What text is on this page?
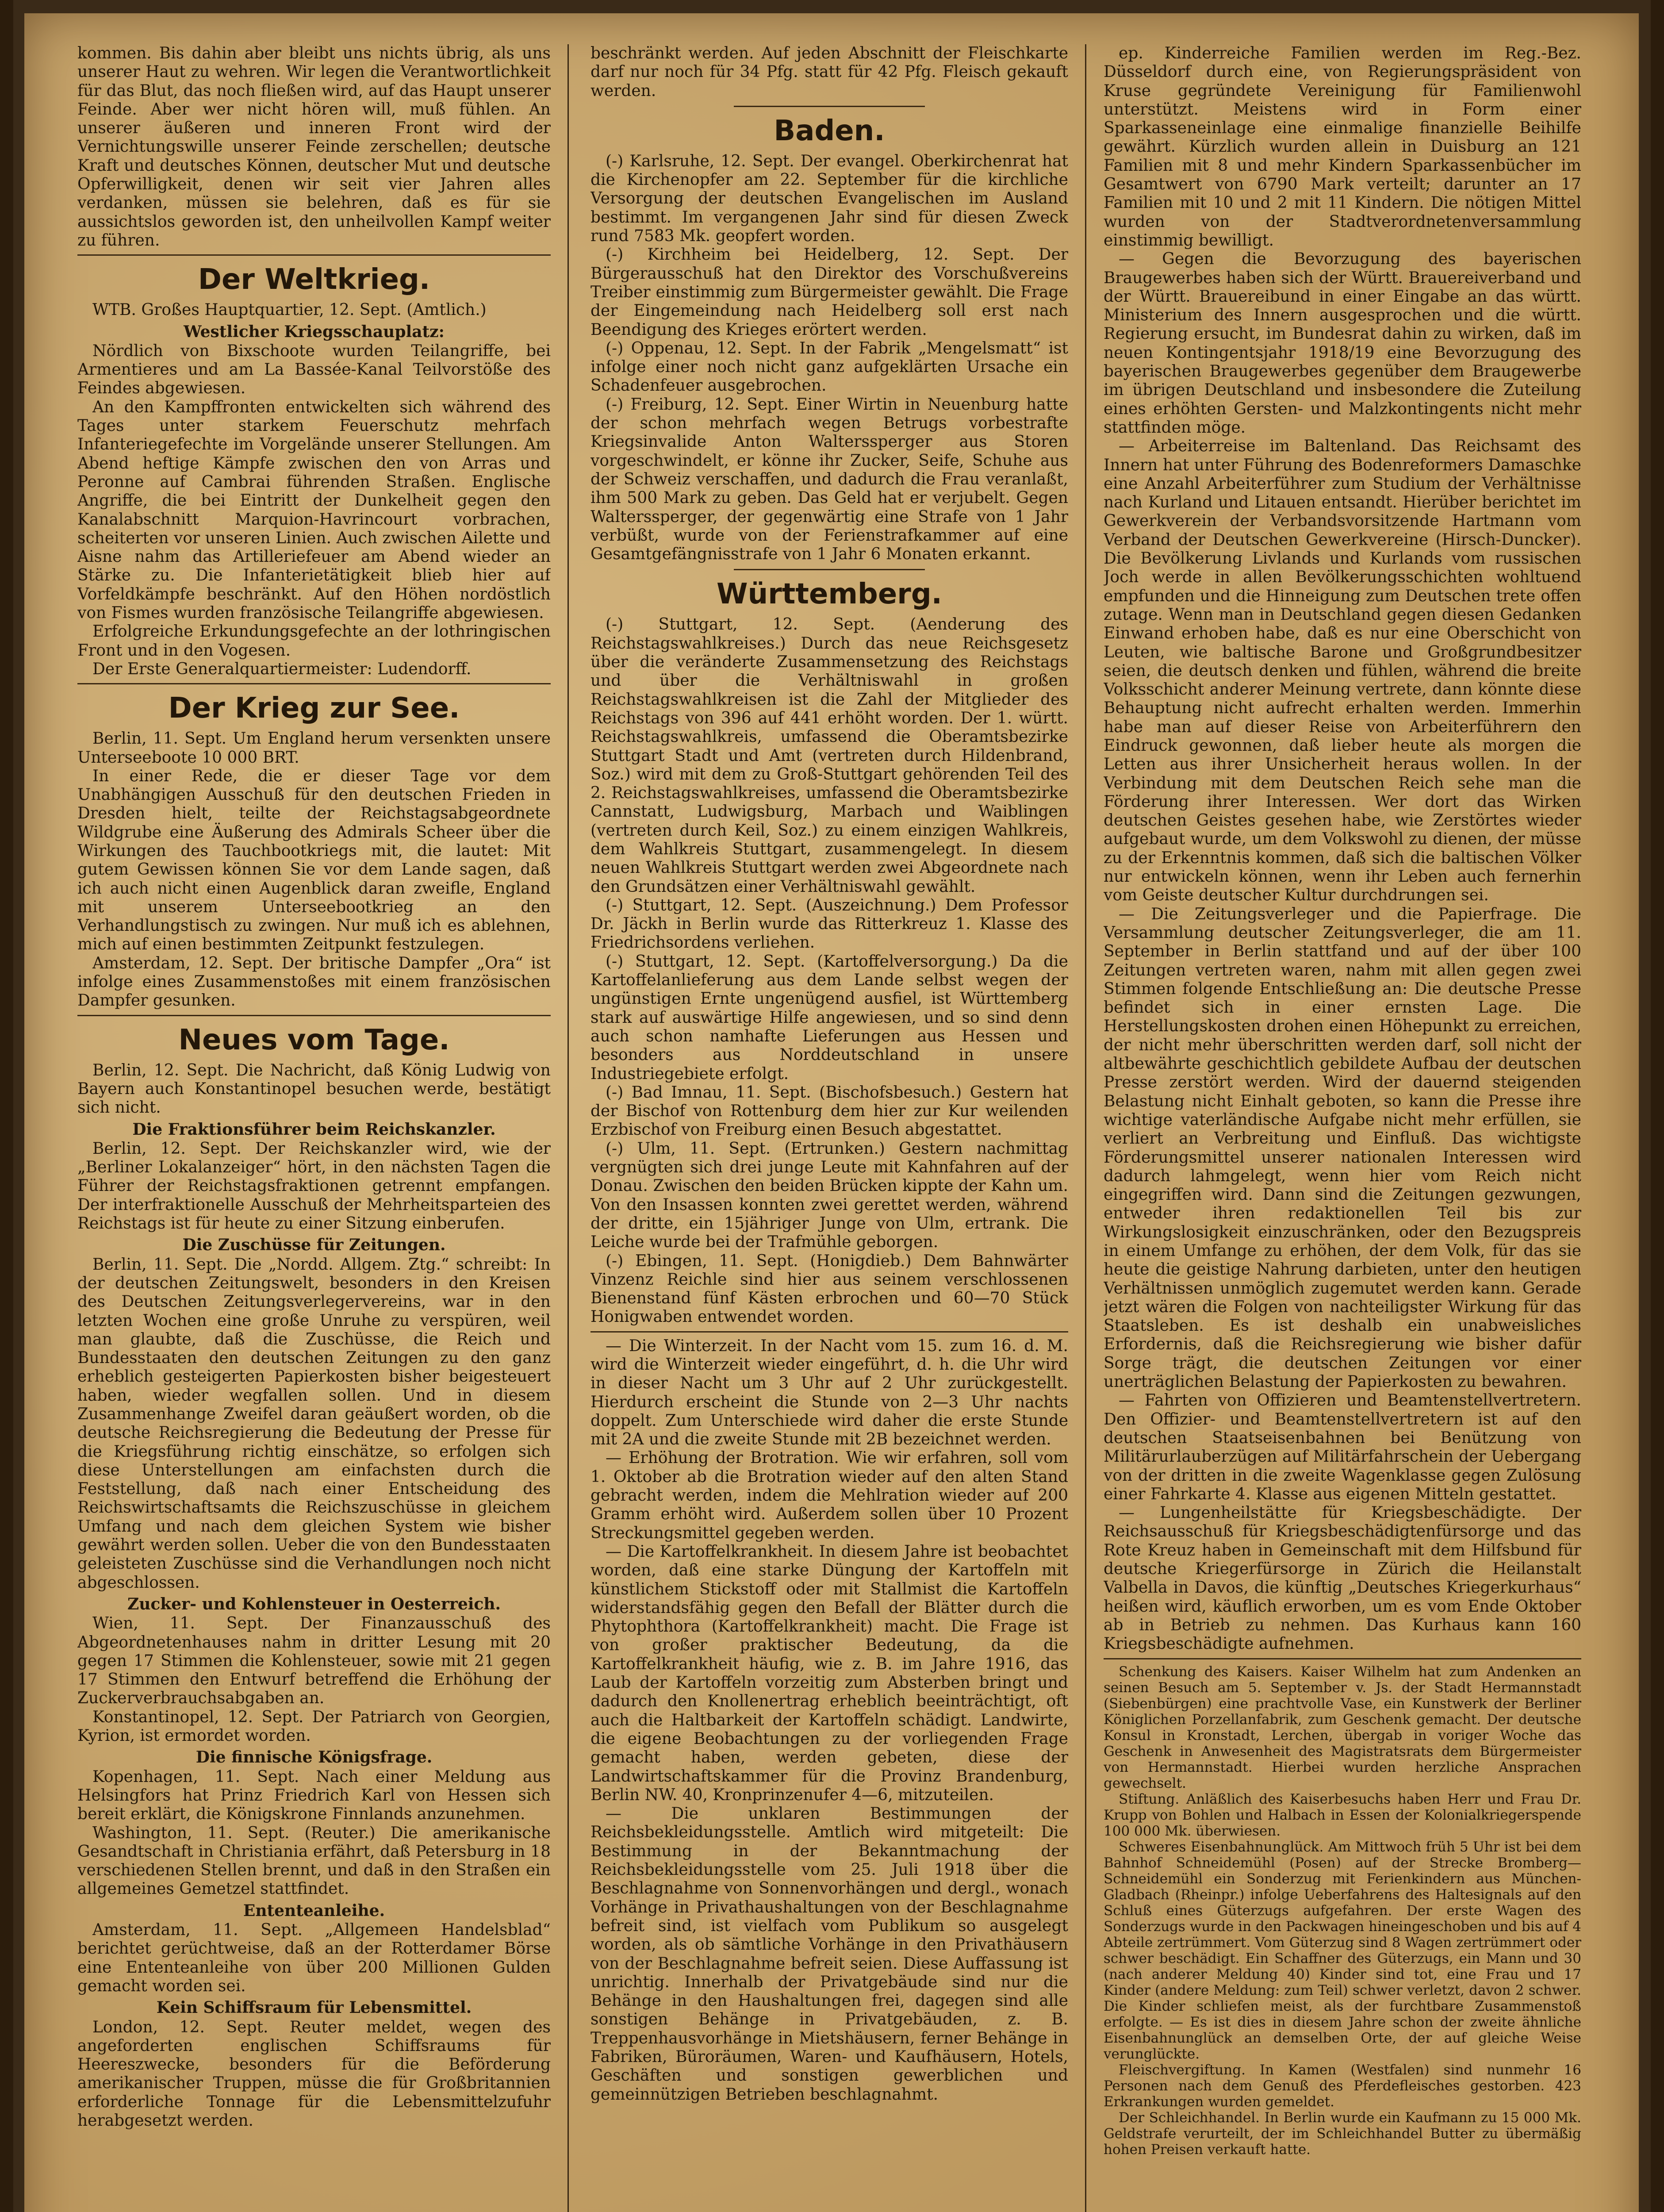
kommen. Bis dahin aber bleibt uns nichts übrig, als uns unserer Haut zu wehren. Wir legen die Verantwortlichkeit für das Blut, das noch fließen wird, auf das Haupt unserer Feinde. Aber wer nicht hören will, muß fühlen. An unserer äußeren und inneren Front wird der Vernichtungswille unserer Feinde zerschellen; deutsche Kraft und deutsches Können, deutscher Mut und deutsche Opferwilligkeit, denen wir seit vier Jahren alles verdanken, müssen sie belehren, daß es für sie aussichtslos geworden ist, den unheilvollen Kampf weiter zu führen.

Der Weltkrieg.

WTB. Großes Hauptquartier, 12. Sept. (Amtlich.)

Westlicher Kriegsschauplatz:

Nördlich von Bixschoote wurden Teilangriffe, bei Armentieres und am La Bassée-Kanal Teilvorstöße des Feindes abgewiesen.

An den Kampffronten entwickelten sich während des Tages unter starkem Feuerschutz mehrfach Infanteriegefechte im Vorgelände unserer Stellungen. Am Abend heftige Kämpfe zwischen den von Arras und Peronne auf Cambrai führenden Straßen. Englische Angriffe, die bei Eintritt der Dunkelheit gegen den Kanalabschnitt Marquion-Havrincourt vorbrachen, scheiterten vor unseren Linien. Auch zwischen Ailette und Aisne nahm das Artilleriefeuer am Abend wieder an Stärke zu. Die Infanterietätigkeit blieb hier auf Vorfeldkämpfe beschränkt. Auf den Höhen nordöstlich von Fismes wurden französische Teilangriffe abgewiesen.

Erfolgreiche Erkundungsgefechte an der lothringischen Front und in den Vogesen.

Der Erste Generalquartiermeister: Ludendorff.

Der Krieg zur See.

Berlin, 11. Sept. Um England herum versenkten unsere Unterseeboote 10 000 BRT.

In einer Rede, die er dieser Tage vor dem Unabhängigen Ausschuß für den deutschen Frieden in Dresden hielt, teilte der Reichstagsabgeordnete Wildgrube eine Äußerung des Admirals Scheer über die Wirkungen des Tauchbootkriegs mit, die lautet: Mit gutem Gewissen können Sie vor dem Lande sagen, daß ich auch nicht einen Augenblick daran zweifle, England mit unserem Unterseebootkrieg an den Verhandlungstisch zu zwingen. Nur muß ich es ablehnen, mich auf einen bestimmten Zeitpunkt festzulegen.

Amsterdam, 12. Sept. Der britische Dampfer „Ora“ ist infolge eines Zusammenstoßes mit einem französischen Dampfer gesunken.

Neues vom Tage.

Berlin, 12. Sept. Die Nachricht, daß König Ludwig von Bayern auch Konstantinopel besuchen werde, bestätigt sich nicht.

Die Fraktionsführer beim Reichskanzler.

Berlin, 12. Sept. Der Reichskanzler wird, wie der „Berliner Lokalanzeiger“ hört, in den nächsten Tagen die Führer der Reichstagsfraktionen getrennt empfangen. Der interfraktionelle Ausschuß der Mehrheitsparteien des Reichstags ist für heute zu einer Sitzung einberufen.

Die Zuschüsse für Zeitungen.

Berlin, 11. Sept. Die „Nordd. Allgem. Ztg.“ schreibt: In der deutschen Zeitungswelt, besonders in den Kreisen des Deutschen Zeitungsverlegervereins, war in den letzten Wochen eine große Unruhe zu verspüren, weil man glaubte, daß die Zuschüsse, die Reich und Bundesstaaten den deutschen Zeitungen zu den ganz erheblich gesteigerten Papierkosten bisher beigesteuert haben, wieder wegfallen sollen. Und in diesem Zusammenhange Zweifel daran geäußert worden, ob die deutsche Reichsregierung die Bedeutung der Presse für die Kriegsführung richtig einschätze, so erfolgen sich diese Unterstellungen am einfachsten durch die Feststellung, daß nach einer Entscheidung des Reichswirtschaftsamts die Reichszuschüsse in gleichem Umfang und nach dem gleichen System wie bisher gewährt werden sollen. Ueber die von den Bundesstaaten geleisteten Zuschüsse sind die Verhandlungen noch nicht abgeschlossen.

Zucker- und Kohlensteuer in Oesterreich.

Wien, 11. Sept. Der Finanzausschuß des Abgeordnetenhauses nahm in dritter Lesung mit 20 gegen 17 Stimmen die Kohlensteuer, sowie mit 21 gegen 17 Stimmen den Entwurf betreffend die Erhöhung der Zuckerverbrauchsabgaben an.

Konstantinopel, 12. Sept. Der Patriarch von Georgien, Kyrion, ist ermordet worden.

Die finnische Königsfrage.

Kopenhagen, 11. Sept. Nach einer Meldung aus Helsingfors hat Prinz Friedrich Karl von Hessen sich bereit erklärt, die Königskrone Finnlands anzunehmen.

Washington, 11. Sept. (Reuter.) Die amerikanische Gesandtschaft in Christiania erfährt, daß Petersburg in 18 verschiedenen Stellen brennt, und daß in den Straßen ein allgemeines Gemetzel stattfindet.

Ententeanleihe.

Amsterdam, 11. Sept. „Allgemeen Handelsblad“ berichtet gerüchtweise, daß an der Rotterdamer Börse eine Ententeanleihe von über 200 Millionen Gulden gemacht worden sei.

Kein Schiffsraum für Lebensmittel.

London, 12. Sept. Reuter meldet, wegen des angeforderten englischen Schiffsraums für Heereszwecke, besonders für die Beförderung amerikanischer Truppen, müsse die für Großbritannien erforderliche Tonnage für die Lebensmittelzufuhr herabgesetzt werden.

beschränkt werden. Auf jeden Abschnitt der Fleischkarte darf nur noch für 34 Pfg. statt für 42 Pfg. Fleisch gekauft werden.

Baden.

(-) Karlsruhe, 12. Sept. Der evangel. Oberkirchenrat hat die Kirchenopfer am 22. September für die kirchliche Versorgung der deutschen Evangelischen im Ausland bestimmt. Im vergangenen Jahr sind für diesen Zweck rund 7583 Mk. geopfert worden.

(-) Kirchheim bei Heidelberg, 12. Sept. Der Bürgerausschuß hat den Direktor des Vorschußvereins Treiber einstimmig zum Bürgermeister gewählt. Die Frage der Eingemeindung nach Heidelberg soll erst nach Beendigung des Krieges erörtert werden.

(-) Oppenau, 12. Sept. In der Fabrik „Mengelsmatt“ ist infolge einer noch nicht ganz aufgeklärten Ursache ein Schadenfeuer ausgebrochen.

(-) Freiburg, 12. Sept. Einer Wirtin in Neuenburg hatte der schon mehrfach wegen Betrugs vorbestrafte Kriegsinvalide Anton Walterssperger aus Storen vorgeschwindelt, er könne ihr Zucker, Seife, Schuhe aus der Schweiz verschaffen, und dadurch die Frau veranlaßt, ihm 500 Mark zu geben. Das Geld hat er verjubelt. Gegen Walterssperger, der gegenwärtig eine Strafe von 1 Jahr verbüßt, wurde von der Ferienstrafkammer auf eine Gesamtgefängnisstrafe von 1 Jahr 6 Monaten erkannt.

Württemberg.

(-) Stuttgart, 12. Sept. (Aenderung des Reichstagswahlkreises.) Durch das neue Reichsgesetz über die veränderte Zusammensetzung des Reichstags und über die Verhältniswahl in großen Reichstagswahlkreisen ist die Zahl der Mitglieder des Reichstags von 396 auf 441 erhöht worden. Der 1. württ. Reichstagswahlkreis, umfassend die Oberamtsbezirke Stuttgart Stadt und Amt (vertreten durch Hildenbrand, Soz.) wird mit dem zu Groß-Stuttgart gehörenden Teil des 2. Reichstagswahlkreises, umfassend die Oberamtsbezirke Cannstatt, Ludwigsburg, Marbach und Waiblingen (vertreten durch Keil, Soz.) zu einem einzigen Wahlkreis, dem Wahlkreis Stuttgart, zusammengelegt. In diesem neuen Wahlkreis Stuttgart werden zwei Abgeordnete nach den Grundsätzen einer Verhältniswahl gewählt.

(-) Stuttgart, 12. Sept. (Auszeichnung.) Dem Professor Dr. Jäckh in Berlin wurde das Ritterkreuz 1. Klasse des Friedrichsordens verliehen.

(-) Stuttgart, 12. Sept. (Kartoffelversorgung.) Da die Kartoffelanlieferung aus dem Lande selbst wegen der ungünstigen Ernte ungenügend ausfiel, ist Württemberg stark auf auswärtige Hilfe angewiesen, und so sind denn auch schon namhafte Lieferungen aus Hessen und besonders aus Norddeutschland in unsere Industriegebiete erfolgt.

(-) Bad Imnau, 11. Sept. (Bischofsbesuch.) Gestern hat der Bischof von Rottenburg dem hier zur Kur weilenden Erzbischof von Freiburg einen Besuch abgestattet.

(-) Ulm, 11. Sept. (Ertrunken.) Gestern nachmittag vergnügten sich drei junge Leute mit Kahnfahren auf der Donau. Zwischen den beiden Brücken kippte der Kahn um. Von den Insassen konnten zwei gerettet werden, während der dritte, ein 15jähriger Junge von Ulm, ertrank. Die Leiche wurde bei der Trafmühle geborgen.

(-) Ebingen, 11. Sept. (Honigdieb.) Dem Bahnwärter Vinzenz Reichle sind hier aus seinem verschlossenen Bienenstand fünf Kästen erbrochen und 60—70 Stück Honigwaben entwendet worden.

— Die Winterzeit. In der Nacht vom 15. zum 16. d. M. wird die Winterzeit wieder eingeführt, d. h. die Uhr wird in dieser Nacht um 3 Uhr auf 2 Uhr zurückgestellt. Hierdurch erscheint die Stunde von 2—3 Uhr nachts doppelt. Zum Unterschiede wird daher die erste Stunde mit 2A und die zweite Stunde mit 2B bezeichnet werden.

— Erhöhung der Brotration. Wie wir erfahren, soll vom 1. Oktober ab die Brotration wieder auf den alten Stand gebracht werden, indem die Mehlration wieder auf 200 Gramm erhöht wird. Außerdem sollen über 10 Prozent Streckungsmittel gegeben werden.

— Die Kartoffelkrankheit. In diesem Jahre ist beobachtet worden, daß eine starke Düngung der Kartoffeln mit künstlichem Stickstoff oder mit Stallmist die Kartoffeln widerstandsfähig gegen den Befall der Blätter durch die Phytophthora (Kartoffelkrankheit) macht. Die Frage ist von großer praktischer Bedeutung, da die Kartoffelkrankheit häufig, wie z. B. im Jahre 1916, das Laub der Kartoffeln vorzeitig zum Absterben bringt und dadurch den Knollenertrag erheblich beeinträchtigt, oft auch die Haltbarkeit der Kartoffeln schädigt. Landwirte, die eigene Beobachtungen zu der vorliegenden Frage gemacht haben, werden gebeten, diese der Landwirtschaftskammer für die Provinz Brandenburg, Berlin NW. 40, Kronprinzenufer 4—6, mitzuteilen.

— Die unklaren Bestimmungen der Reichsbekleidungsstelle. Amtlich wird mitgeteilt: Die Bestimmung in der Bekanntmachung der Reichsbekleidungsstelle vom 25. Juli 1918 über die Beschlagnahme von Sonnenvorhängen und dergl., wonach Vorhänge in Privathaushaltungen von der Beschlagnahme befreit sind, ist vielfach vom Publikum so ausgelegt worden, als ob sämtliche Vorhänge in den Privathäusern von der Beschlagnahme befreit seien. Diese Auffassung ist unrichtig. Innerhalb der Privatgebäude sind nur die Behänge in den Haushaltungen frei, dagegen sind alle sonstigen Behänge in Privatgebäuden, z. B. Treppenhausvorhänge in Mietshäusern, ferner Behänge in Fabriken, Büroräumen, Waren- und Kaufhäusern, Hotels, Geschäften und sonstigen gewerblichen und gemeinnützigen Betrieben beschlagnahmt.

ep. Kinderreiche Familien werden im Reg.-Bez. Düsseldorf durch eine, von Regierungspräsident von Kruse gegründete Vereinigung für Familienwohl unterstützt. Meistens wird in Form einer Sparkasseneinlage eine einmalige finanzielle Beihilfe gewährt. Kürzlich wurden allein in Duisburg an 121 Familien mit 8 und mehr Kindern Sparkassenbücher im Gesamtwert von 6790 Mark verteilt; darunter an 17 Familien mit 10 und 2 mit 11 Kindern. Die nötigen Mittel wurden von der Stadtverordnetenversammlung einstimmig bewilligt.

— Gegen die Bevorzugung des bayerischen Braugewerbes haben sich der Württ. Brauereiverband und der Württ. Brauereibund in einer Eingabe an das württ. Ministerium des Innern ausgesprochen und die württ. Regierung ersucht, im Bundesrat dahin zu wirken, daß im neuen Kontingentsjahr 1918/19 eine Bevorzugung des bayerischen Braugewerbes gegenüber dem Braugewerbe im übrigen Deutschland und insbesondere die Zuteilung eines erhöhten Gersten- und Malzkontingents nicht mehr stattfinden möge.

— Arbeiterreise im Baltenland. Das Reichsamt des Innern hat unter Führung des Bodenreformers Damaschke eine Anzahl Arbeiterführer zum Studium der Verhältnisse nach Kurland und Litauen entsandt. Hierüber berichtet im Gewerkverein der Verbandsvorsitzende Hartmann vom Verband der Deutschen Gewerkvereine (Hirsch-Duncker). Die Bevölkerung Livlands und Kurlands vom russischen Joch werde in allen Bevölkerungsschichten wohltuend empfunden und die Hinneigung zum Deutschen trete offen zutage. Wenn man in Deutschland gegen diesen Gedanken Einwand erhoben habe, daß es nur eine Oberschicht von Leuten, wie baltische Barone und Großgrundbesitzer seien, die deutsch denken und fühlen, während die breite Volksschicht anderer Meinung vertrete, dann könnte diese Behauptung nicht aufrecht erhalten werden. Immerhin habe man auf dieser Reise von Arbeiterführern den Eindruck gewonnen, daß lieber heute als morgen die Letten aus ihrer Unsicherheit heraus wollen. In der Verbindung mit dem Deutschen Reich sehe man die Förderung ihrer Interessen. Wer dort das Wirken deutschen Geistes gesehen habe, wie Zerstörtes wieder aufgebaut wurde, um dem Volkswohl zu dienen, der müsse zu der Erkenntnis kommen, daß sich die baltischen Völker nur entwickeln können, wenn ihr Leben auch fernerhin vom Geiste deutscher Kultur durchdrungen sei.

— Die Zeitungsverleger und die Papierfrage. Die Versammlung deutscher Zeitungsverleger, die am 11. September in Berlin stattfand und auf der über 100 Zeitungen vertreten waren, nahm mit allen gegen zwei Stimmen folgende Entschließung an: Die deutsche Presse befindet sich in einer ernsten Lage. Die Herstellungskosten drohen einen Höhepunkt zu erreichen, der nicht mehr überschritten werden darf, soll nicht der altbewährte geschichtlich gebildete Aufbau der deutschen Presse zerstört werden. Wird der dauernd steigenden Belastung nicht Einhalt geboten, so kann die Presse ihre wichtige vaterländische Aufgabe nicht mehr erfüllen, sie verliert an Verbreitung und Einfluß. Das wichtigste Förderungsmittel unserer nationalen Interessen wird dadurch lahmgelegt, wenn hier vom Reich nicht eingegriffen wird. Dann sind die Zeitungen gezwungen, entweder ihren redaktionellen Teil bis zur Wirkungslosigkeit einzuschränken, oder den Bezugspreis in einem Umfange zu erhöhen, der dem Volk, für das sie heute die geistige Nahrung darbieten, unter den heutigen Verhältnissen unmöglich zugemutet werden kann. Gerade jetzt wären die Folgen von nachteiligster Wirkung für das Staatsleben. Es ist deshalb ein unabweisliches Erfordernis, daß die Reichsregierung wie bisher dafür Sorge trägt, die deutschen Zeitungen vor einer unerträglichen Belastung der Papierkosten zu bewahren.

— Fahrten von Offizieren und Beamtenstellvertretern. Den Offizier- und Beamtenstellvertretern ist auf den deutschen Staatseisenbahnen bei Benützung von Militärurlauberzügen auf Militärfahrschein der Uebergang von der dritten in die zweite Wagenklasse gegen Zulösung einer Fahrkarte 4. Klasse aus eigenen Mitteln gestattet.

— Lungenheilstätte für Kriegsbeschädigte. Der Reichsausschuß für Kriegsbeschädigtenfürsorge und das Rote Kreuz haben in Gemeinschaft mit dem Hilfsbund für deutsche Kriegerfürsorge in Zürich die Heilanstalt Valbella in Davos, die künftig „Deutsches Kriegerkurhaus“ heißen wird, käuflich erworben, um es vom Ende Oktober ab in Betrieb zu nehmen. Das Kurhaus kann 160 Kriegsbeschädigte aufnehmen.

Schenkung des Kaisers. Kaiser Wilhelm hat zum Andenken an seinen Besuch am 5. September v. Js. der Stadt Hermannstadt (Siebenbürgen) eine prachtvolle Vase, ein Kunstwerk der Berliner Königlichen Porzellanfabrik, zum Geschenk gemacht. Der deutsche Konsul in Kronstadt, Lerchen, übergab in voriger Woche das Geschenk in Anwesenheit des Magistratsrats dem Bürgermeister von Hermannstadt. Hierbei wurden herzliche Ansprachen gewechselt.

Stiftung. Anläßlich des Kaiserbesuchs haben Herr und Frau Dr. Krupp von Bohlen und Halbach in Essen der Kolonialkriegerspende 100 000 Mk. überwiesen.

Schweres Eisenbahnunglück. Am Mittwoch früh 5 Uhr ist bei dem Bahnhof Schneidemühl (Posen) auf der Strecke Bromberg—Schneidemühl ein Sonderzug mit Ferienkindern aus München-Gladbach (Rheinpr.) infolge Ueberfahrens des Haltesignals auf den Schluß eines Güterzugs aufgefahren. Der erste Wagen des Sonderzugs wurde in den Packwagen hineingeschoben und bis auf 4 Abteile zertrümmert. Vom Güterzug sind 8 Wagen zertrümmert oder schwer beschädigt. Ein Schaffner des Güterzugs, ein Mann und 30 (nach anderer Meldung 40) Kinder sind tot, eine Frau und 17 Kinder (andere Meldung: zum Teil) schwer verletzt, davon 2 schwer. Die Kinder schliefen meist, als der furchtbare Zusammenstoß erfolgte. — Es ist dies in diesem Jahre schon der zweite ähnliche Eisenbahnunglück an demselben Orte, der auf gleiche Weise verunglückte.

Fleischvergiftung. In Kamen (Westfalen) sind nunmehr 16 Personen nach dem Genuß des Pferdefleisches gestorben. 423 Erkrankungen wurden gemeldet.

Der Schleichhandel. In Berlin wurde ein Kaufmann zu 15 000 Mk. Geldstrafe verurteilt, der im Schleichhandel Butter zu übermäßig hohen Preisen verkauft hatte.
